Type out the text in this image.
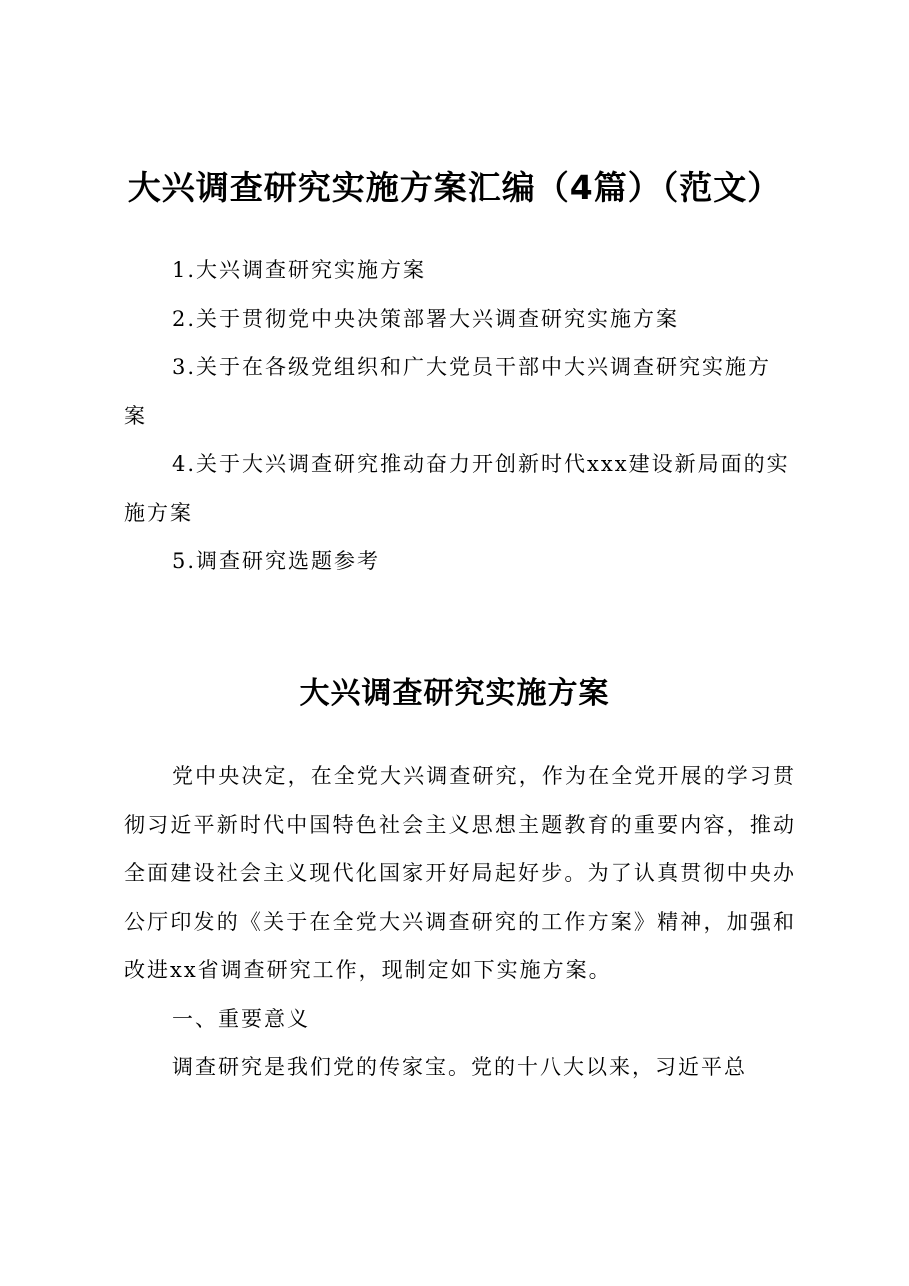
大兴调查研究实施方案汇编（4篇）（范文）
1.大兴调查研究实施方案
2.关于贯彻党中央决策部署大兴调查研究实施方案
3.关于在各级党组织和广大党员干部中大兴调查研究实施方案
4.关于大兴调查研究推动奋力开创新时代xxx建设新局面的实施方案
5.调查研究选题参考
大兴调查研究实施方案

党中央决定，在全党大兴调查研究，作为在全党开展的学习贯彻习近平新时代中国特色社会主义思想主题教育的重要内容，推动全面建设社会主义现代化国家开好局起好步。为了认真贯彻中央办公厅印发的《关于在全党大兴调查研究的工作方案》精神，加强和改进xx省调查研究工作，现制定如下实施方案。

一、重要意义

调查研究是我们党的传家宝。党的十八大以来，习近平总
